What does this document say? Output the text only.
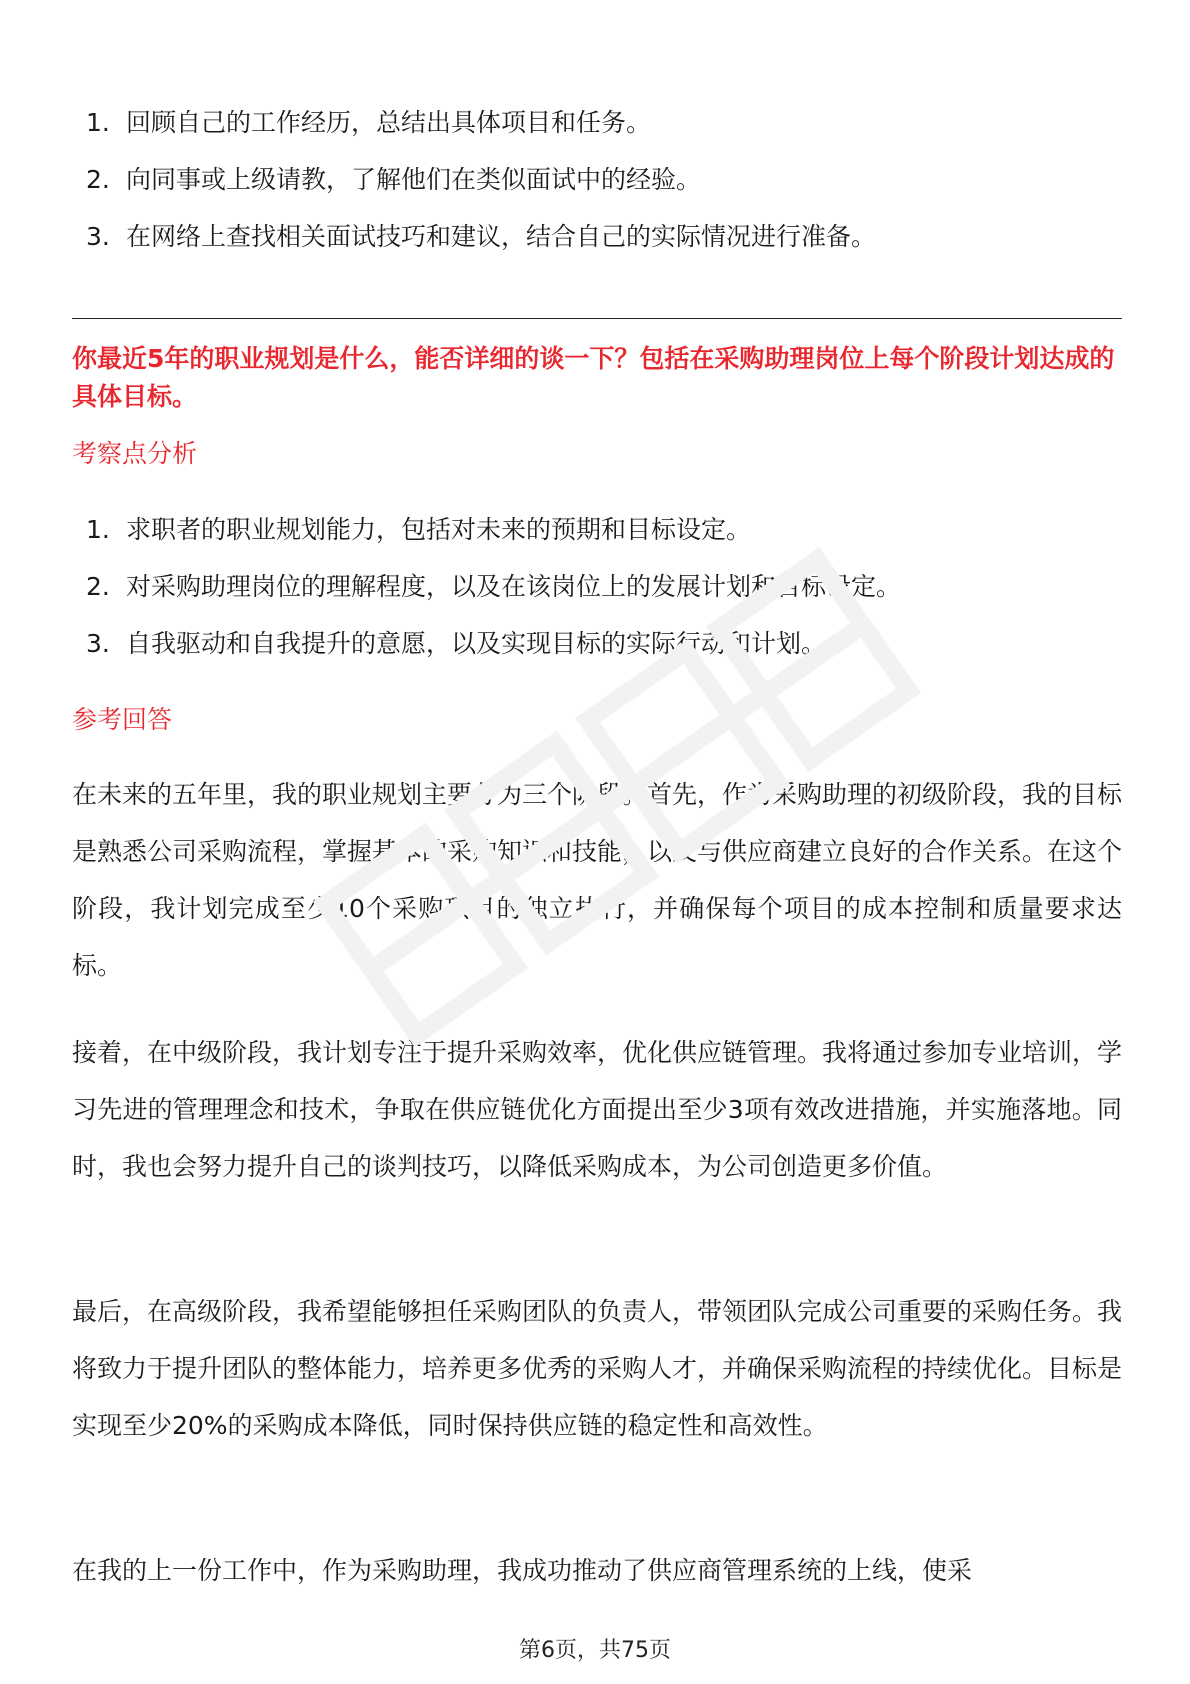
1. 回顾自己的工作经历，总结出具体项目和任务。
2. 向同事或上级请教，了解他们在类似面试中的经验。
3. 在网络上查找相关面试技巧和建议，结合自己的实际情况进行准备。
你最近5年的职业规划是什么，能否详细的谈一下？包括在采购助理岗位上每个阶段计划达成的具体目标。
考察点分析
1. 求职者的职业规划能力，包括对未来的预期和目标设定。
2. 对采购助理岗位的理解程度，以及在该岗位上的发展计划和目标设定。
3. 自我驱动和自我提升的意愿，以及实现目标的实际行动和计划。
参考回答

在未来的五年里，我的职业规划主要分为三个阶段。首先，作为采购助理的初级阶段，我的目标是熟悉公司采购流程，掌握基本的采购知识和技能，以及与供应商建立良好的合作关系。在这个阶段，我计划完成至少10个采购项目的独立执行，并确保每个项目的成本控制和质量要求达标。

接着，在中级阶段，我计划专注于提升采购效率，优化供应链管理。我将通过参加专业培训，学习先进的管理理念和技术，争取在供应链优化方面提出至少3项有效改进措施，并实施落地。同时，我也会努力提升自己的谈判技巧，以降低采购成本，为公司创造更多价值。

最后，在高级阶段，我希望能够担任采购团队的负责人，带领团队完成公司重要的采购任务。我将致力于提升团队的整体能力，培养更多优秀的采购人才，并确保采购流程的持续优化。目标是实现至少20%的采购成本降低，同时保持供应链的稳定性和高效性。

在我的上一份工作中，作为采购助理，我成功推动了供应商管理系统的上线，使采

第6页，共75页
